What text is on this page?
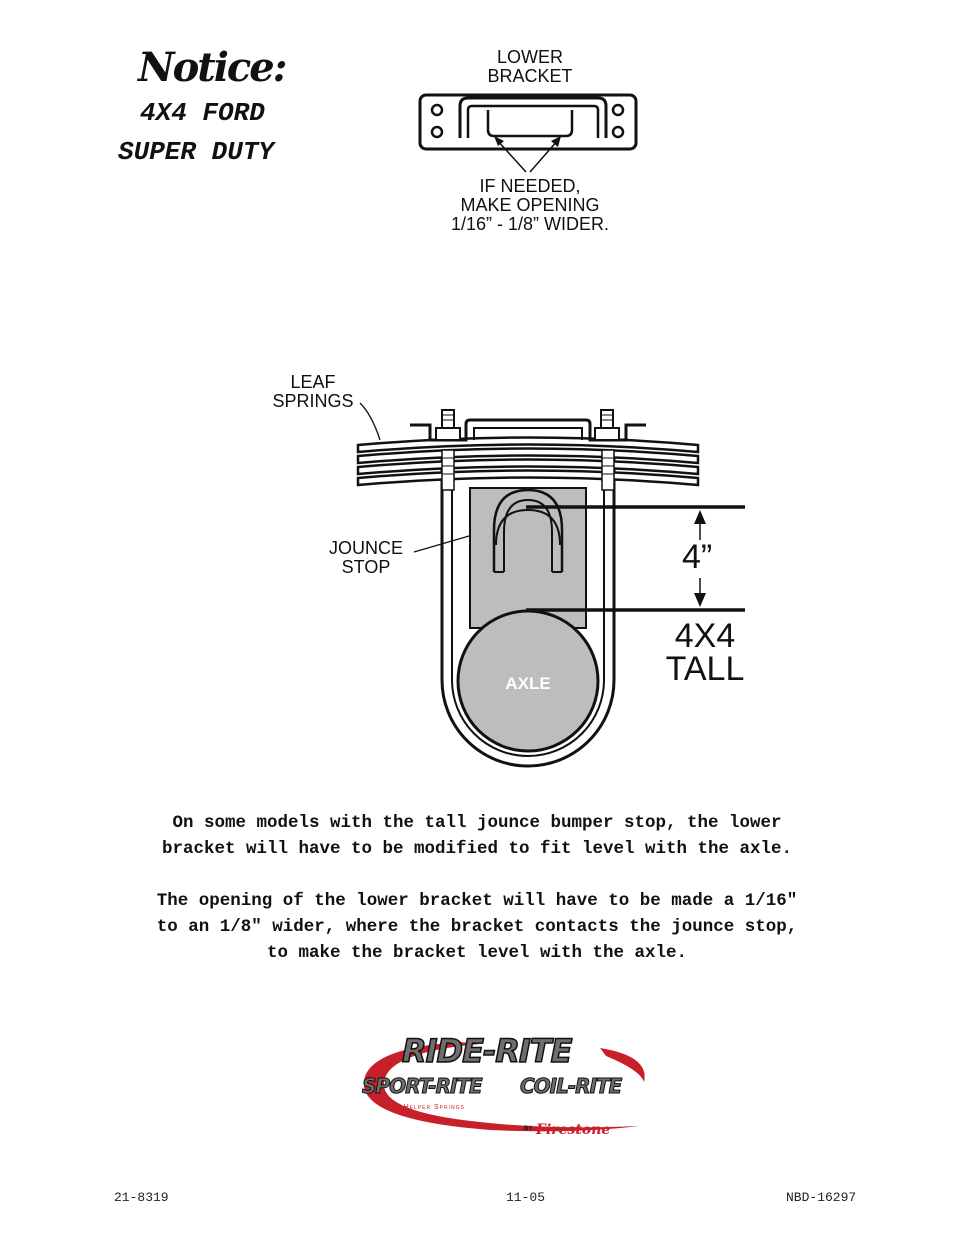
Notice:
4X4 FORD
SUPER DUTY
LOWER
BRACKET
IF NEEDED,
MAKE OPENING
1/16” - 1/8” WIDER.
LEAF
SPRINGS
JOUNCE
STOP
AXLE
4”
4X4
TALL
On some models with the tall jounce bumper stop, the lower
bracket will have to be modified to fit level with the axle.
The opening of the lower bracket will have to be made a 1/16"
to an 1/8" wider, where the bracket contacts the jounce stop,
to make the bracket level with the axle.
RIDE-RITE
SPORT-RITE COIL-RITE
Air Helper Springs
BY Firestone
21-8319	11-05	NBD-16297
